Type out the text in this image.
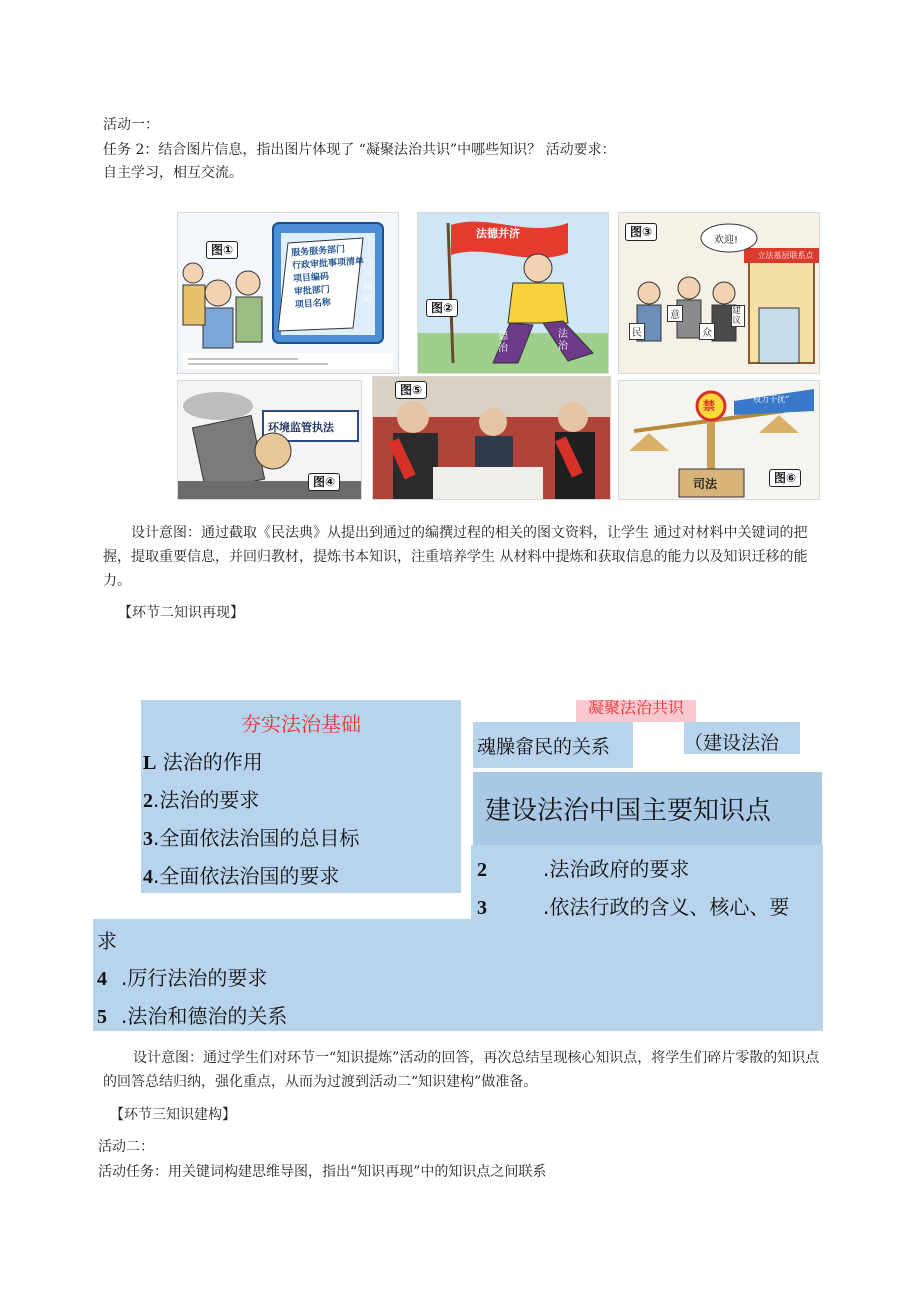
活动一：
任务 2：结合图片信息，指出图片体现了 “凝聚法治共识”中哪些知识？ 活动要求：
自主学习，相互交流。
图①	服务服务部门
行政审批事项清单
项目编码
审批部门
项目名称
门户网站
法德并济
图②
德治
法治
图③
欢迎!
立法基层联系点
民
意
众
建议
环境监管执法
图④
图⑤
禁	“权力干扰”
司法	图⑥
设计意图：通过截取《民法典》从提出到通过的编撰过程的相关的图文资料，让学生 通过对材料中关键词的把握，提取重要信息，并回归教材，提炼书本知识，注重培养学生 从材料中提炼和获取信息的能力以及知识迁移的能力。
【环节二知识再现】
夯实法治基础
L 法治的作用
2.法治的要求
3.全面依法治国的总目标
4.全面依法治国的要求
凝聚法治共识
魂臊畲民的关系	（建设法治
建设法治中国主要知识点
2	.法治政府的要求
3	.依法行政的含义、核心、要
求
4 .厉行法治的要求
5 .法治和德治的关系
设计意图：通过学生们对环节一“知识提炼”活动的回答，再次总结呈现核心知识点，将学生们碎片零散的知识点的回答总结归纳，强化重点，从而为过渡到活动二“知识建构”做准备。
【环节三知识建构】
活动二：
活动任务：用关键词构建思维导图，指出“知识再现”中的知识点之间联系
